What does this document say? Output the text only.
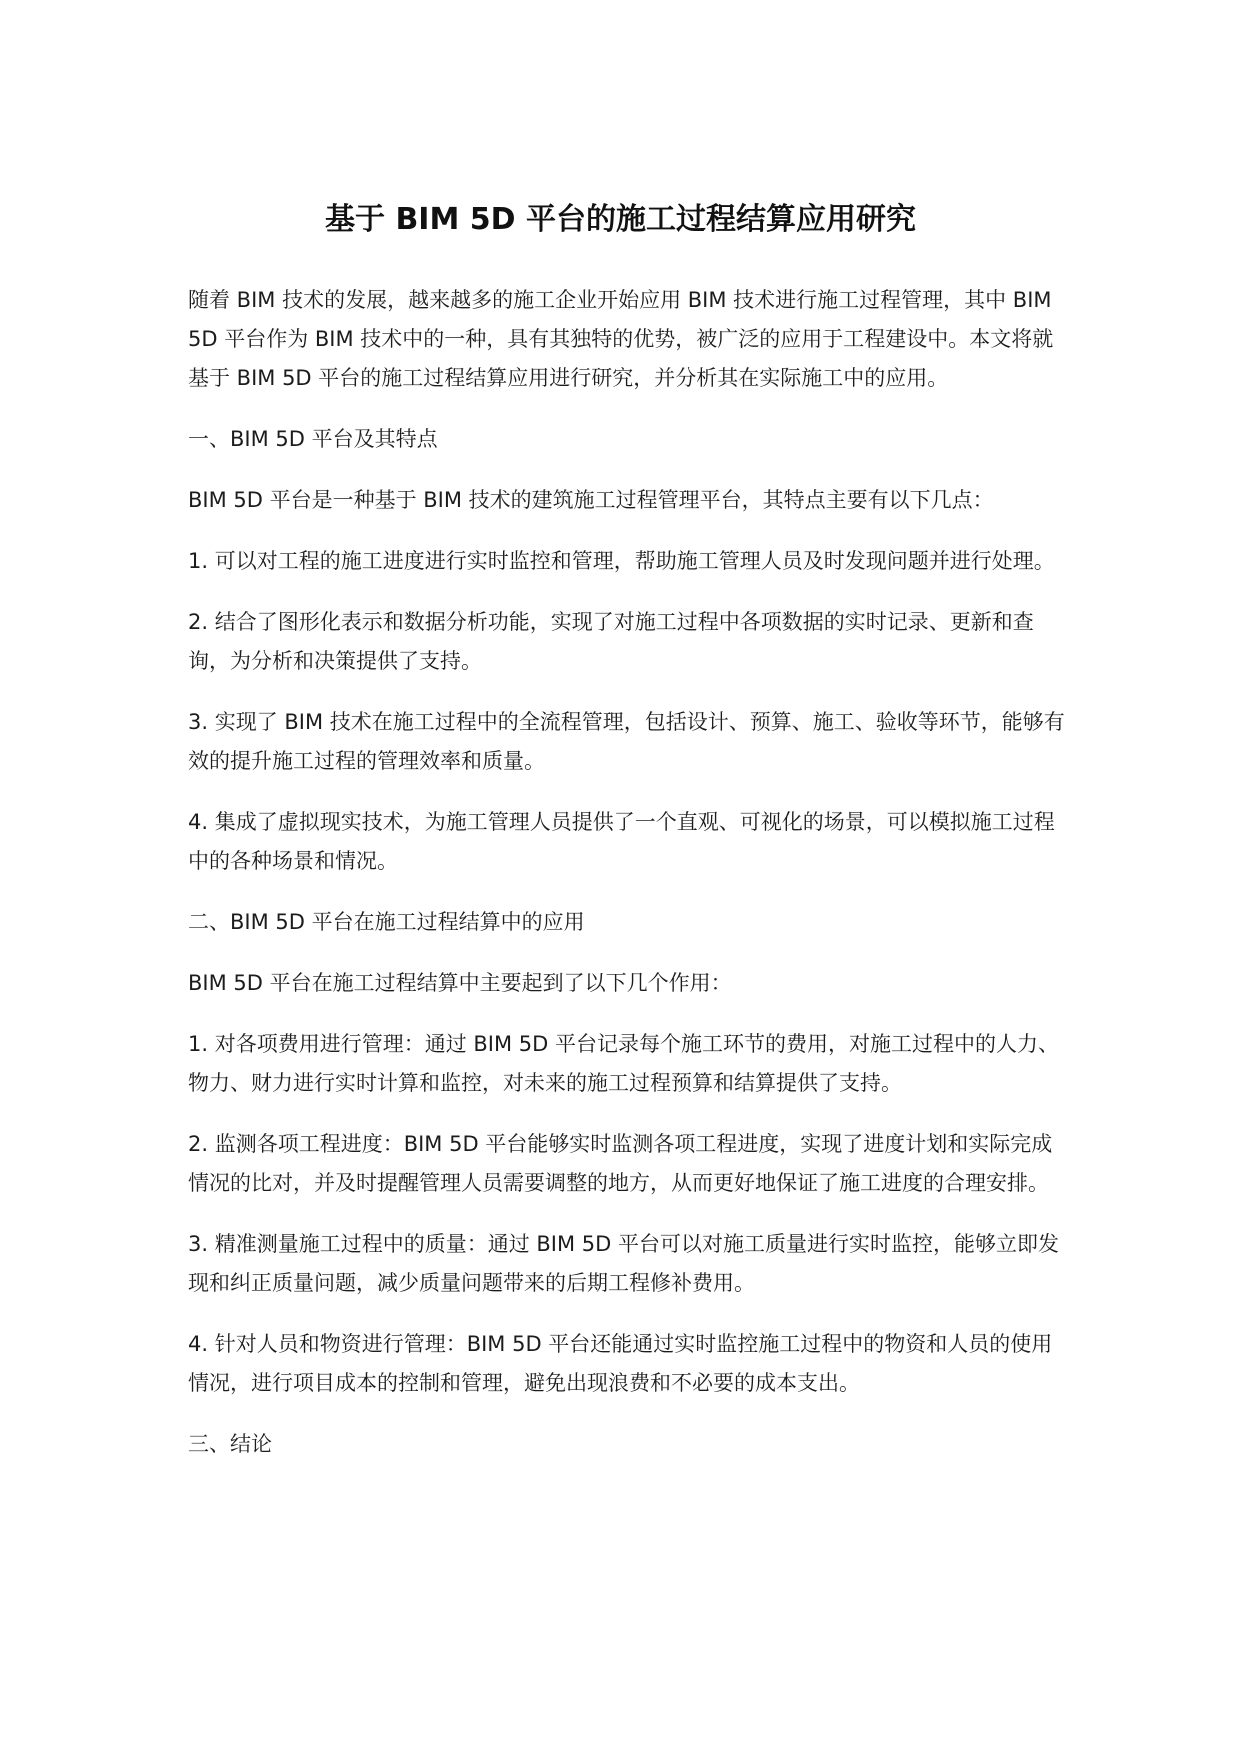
基于 BIM 5D 平台的施工过程结算应用研究

随着 BIM 技术的发展，越来越多的施工企业开始应用 BIM 技术进行施工过程管理，其中 BIM 5D 平台作为 BIM 技术中的一种，具有其独特的优势，被广泛的应用于工程建设中。本文将就基于 BIM 5D 平台的施工过程结算应用进行研究，并分析其在实际施工中的应用。

一、BIM 5D 平台及其特点

BIM 5D 平台是一种基于 BIM 技术的建筑施工过程管理平台，其特点主要有以下几点：

1. 可以对工程的施工进度进行实时监控和管理，帮助施工管理人员及时发现问题并进行处理。

2. 结合了图形化表示和数据分析功能，实现了对施工过程中各项数据的实时记录、更新和查询，为分析和决策提供了支持。

3. 实现了 BIM 技术在施工过程中的全流程管理，包括设计、预算、施工、验收等环节，能够有效的提升施工过程的管理效率和质量。

4. 集成了虚拟现实技术，为施工管理人员提供了一个直观、可视化的场景，可以模拟施工过程中的各种场景和情况。

二、BIM 5D 平台在施工过程结算中的应用

BIM 5D 平台在施工过程结算中主要起到了以下几个作用：

1. 对各项费用进行管理：通过 BIM 5D 平台记录每个施工环节的费用，对施工过程中的人力、物力、财力进行实时计算和监控，对未来的施工过程预算和结算提供了支持。

2. 监测各项工程进度：BIM 5D 平台能够实时监测各项工程进度，实现了进度计划和实际完成情况的比对，并及时提醒管理人员需要调整的地方，从而更好地保证了施工进度的合理安排。

3. 精准测量施工过程中的质量：通过 BIM 5D 平台可以对施工质量进行实时监控，能够立即发现和纠正质量问题，减少质量问题带来的后期工程修补费用。

4. 针对人员和物资进行管理：BIM 5D 平台还能通过实时监控施工过程中的物资和人员的使用情况，进行项目成本的控制和管理，避免出现浪费和不必要的成本支出。

三、结论
